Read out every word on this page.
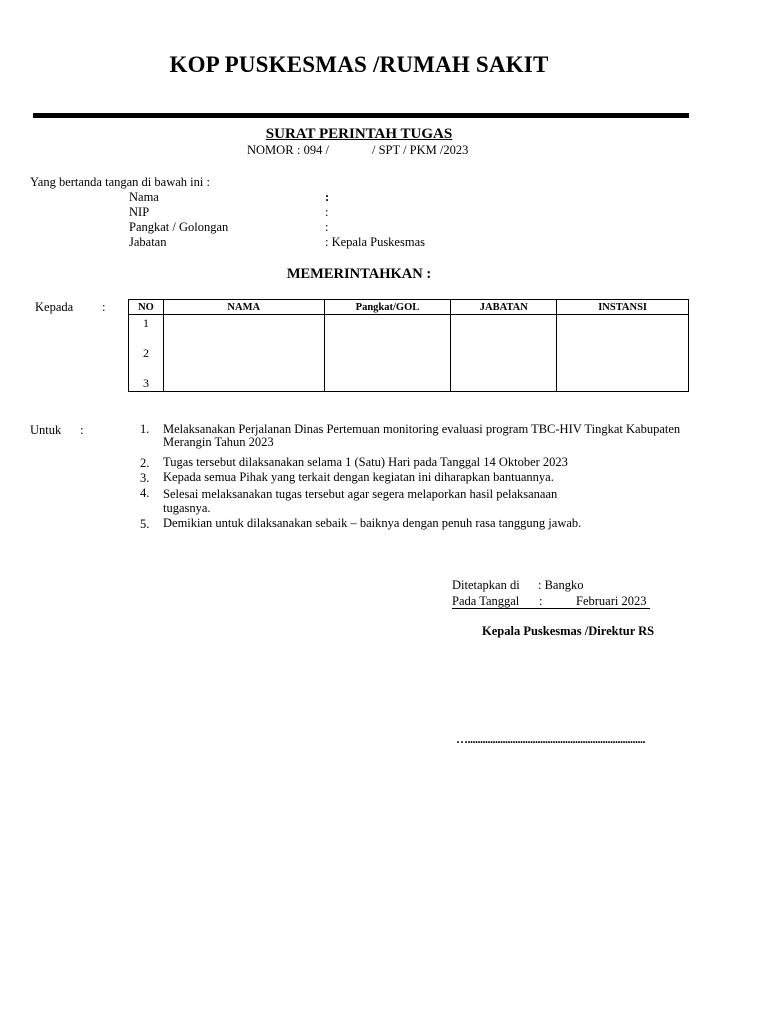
KOP PUSKESMAS /RUMAH SAKIT
SURAT PERINTAH TUGAS
NOMOR : 094 /	/ SPT / PKM /2023
Yang bertanda tangan di bawah ini :
Nama	:
NIP	:
Pangkat / Golongan	:
Jabatan	: Kepala Puskesmas
MEMERINTAHKAN :
Kepada :	NO	NAMA	Pangkat/GOL	JABATAN	INSTANSI

1
2
3				

Untuk :	1. Melaksanakan Perjalanan Dinas Pertemuan monitoring evaluasi program TBC-HIV Tingkat Kabupaten
Merangin Tahun 2023
2. Tugas tersebut dilaksanakan selama 1 (Satu) Hari pada Tanggal 14 Oktober 2023
3. Kepada semua Pihak yang terkait dengan kegiatan ini diharapkan bantuannya.
4. Selesai melaksanakan tugas tersebut agar segera melaporkan hasil pelaksanaan
tugasnya.
5. Demikian untuk dilaksanakan sebaik – baiknya dengan penuh rasa tanggung jawab.
Ditetapkan di : Bangko
Pada Tanggal :	Februari 2023
Kepala Puskesmas /Direktur RS
….......................................................................
